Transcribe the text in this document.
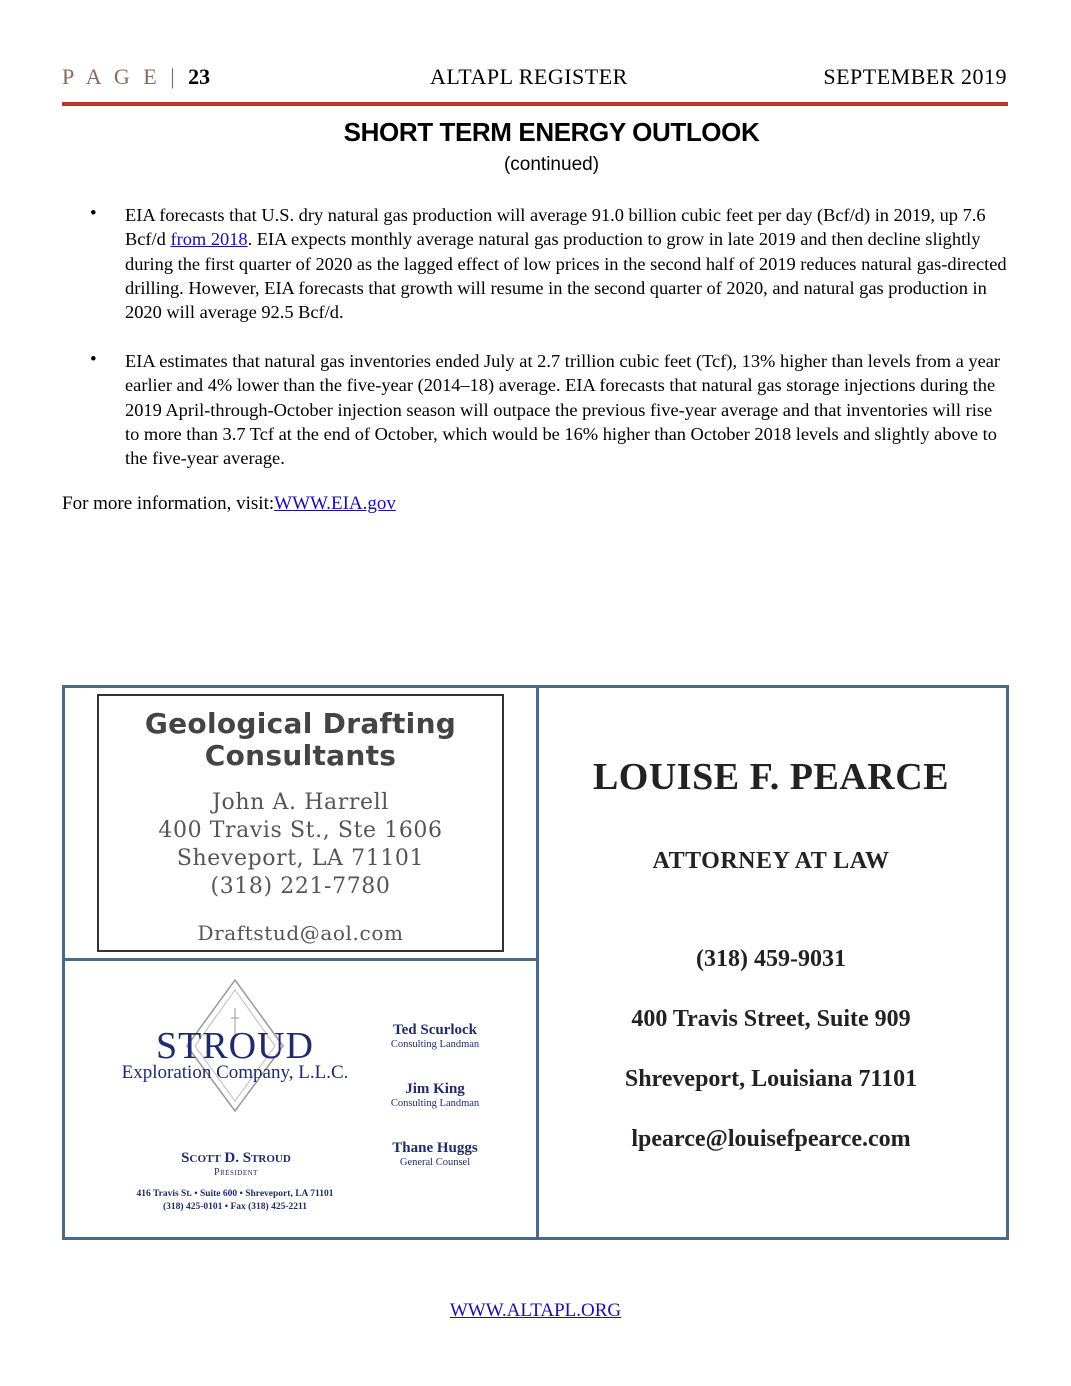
P A G E | 23	ALTAPL REGISTER	SEPTEMBER 2019
SHORT TERM ENERGY OUTLOOK
(continued)
• EIA forecasts that U.S. dry natural gas production will average 91.0 billion cubic feet per day (Bcf/d) in 2019, up 7.6 Bcf/d from 2018. EIA expects monthly average natural gas production to grow in late 2019 and then decline slightly during the first quarter of 2020 as the lagged effect of low prices in the second half of 2019 reduces natural gas-directed drilling. However, EIA forecasts that growth will resume in the second quarter of 2020, and natural gas production in 2020 will average 92.5 Bcf/d.
• EIA estimates that natural gas inventories ended July at 2.7 trillion cubic feet (Tcf), 13% higher than levels from a year earlier and 4% lower than the five-year (2014–18) average. EIA forecasts that natural gas storage injections during the 2019 April-through-October injection season will outpace the previous five-year average and that inventories will rise to more than 3.7 Tcf at the end of October, which would be 16% higher than October 2018 levels and slightly above to the five-year average.
For more information, visit:WWW.EIA.gov
Geological Drafting
Consultants
John A. Harrell
400 Travis St., Ste 1606
Sheveport, LA 71101
(318) 221-7780
Draftstud@aol.com
STROUD
Exploration Company, L.L.C.
Ted Scurlock
Consulting Landman
Jim King
Consulting Landman
Thane Huggs
General Counsel
Scott D. Stroud
President
416 Travis St. • Suite 600 • Shreveport, LA 71101
(318) 425-0101 • Fax (318) 425-2211
LOUISE F. PEARCE
ATTORNEY AT LAW
(318) 459-9031
400 Travis Street, Suite 909
Shreveport, Louisiana 71101
lpearce@louisefpearce.com
WWW.ALTAPL.ORG
